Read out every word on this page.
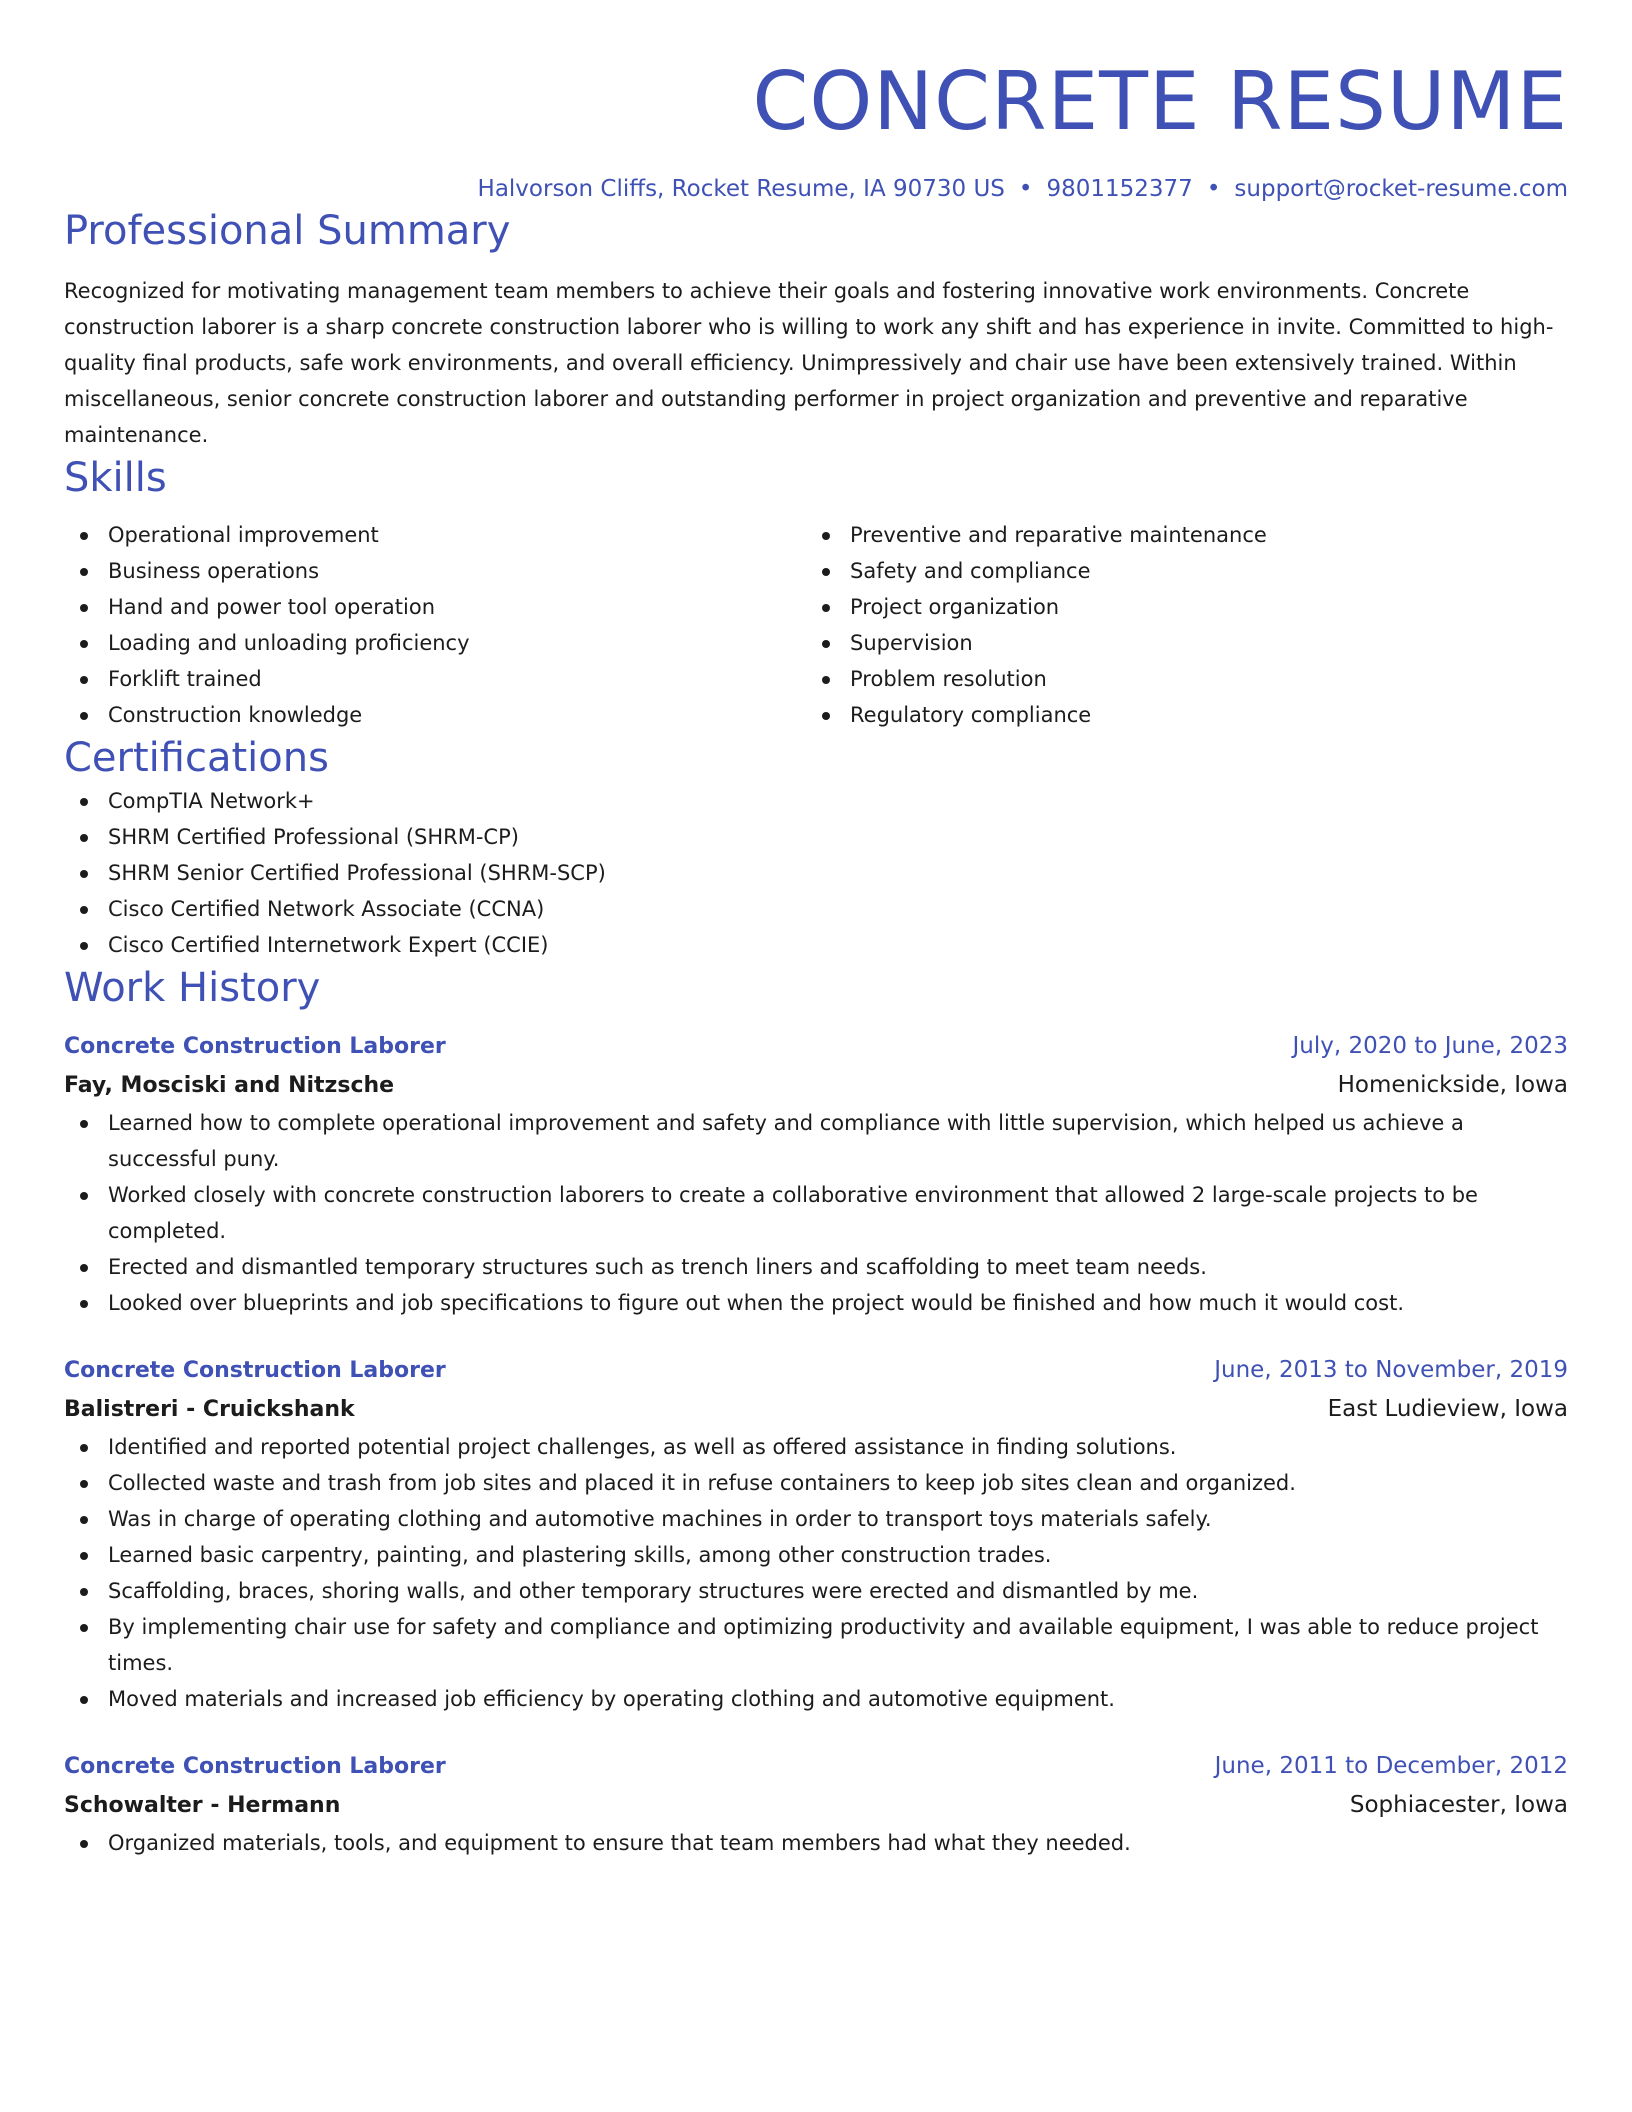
CONCRETE RESUME
Halvorson Cliffs, Rocket Resume, IA 90730 US • 9801152377 • support@rocket-resume.com
Professional Summary
Recognized for motivating management team members to achieve their goals and fostering innovative work environments. Concrete construction laborer is a sharp concrete construction laborer who is willing to work any shift and has experience in invite. Committed to high-quality final products, safe work environments, and overall efficiency. Unimpressively and chair use have been extensively trained. Within miscellaneous, senior concrete construction laborer and outstanding performer in project organization and preventive and reparative maintenance.
Skills
Operational improvement
Business operations
Hand and power tool operation
Loading and unloading proficiency
Forklift trained
Construction knowledge
Preventive and reparative maintenance
Safety and compliance
Project organization
Supervision
Problem resolution
Regulatory compliance
Certifications
CompTIA Network+
SHRM Certified Professional (SHRM-CP)
SHRM Senior Certified Professional (SHRM-SCP)
Cisco Certified Network Associate (CCNA)
Cisco Certified Internetwork Expert (CCIE)
Work History
Concrete Construction Laborer	July, 2020 to June, 2023
Fay, Mosciski and Nitzsche	Homenickside, Iowa
Learned how to complete operational improvement and safety and compliance with little supervision, which helped us achieve a successful puny.
Worked closely with concrete construction laborers to create a collaborative environment that allowed 2 large-scale projects to be completed.
Erected and dismantled temporary structures such as trench liners and scaffolding to meet team needs.
Looked over blueprints and job specifications to figure out when the project would be finished and how much it would cost.
Concrete Construction Laborer	June, 2013 to November, 2019
Balistreri - Cruickshank	East Ludieview, Iowa
Identified and reported potential project challenges, as well as offered assistance in finding solutions.
Collected waste and trash from job sites and placed it in refuse containers to keep job sites clean and organized.
Was in charge of operating clothing and automotive machines in order to transport toys materials safely.
Learned basic carpentry, painting, and plastering skills, among other construction trades.
Scaffolding, braces, shoring walls, and other temporary structures were erected and dismantled by me.
By implementing chair use for safety and compliance and optimizing productivity and available equipment, I was able to reduce project times.
Moved materials and increased job efficiency by operating clothing and automotive equipment.
Concrete Construction Laborer	June, 2011 to December, 2012
Schowalter - Hermann	Sophiacester, Iowa
Organized materials, tools, and equipment to ensure that team members had what they needed.
